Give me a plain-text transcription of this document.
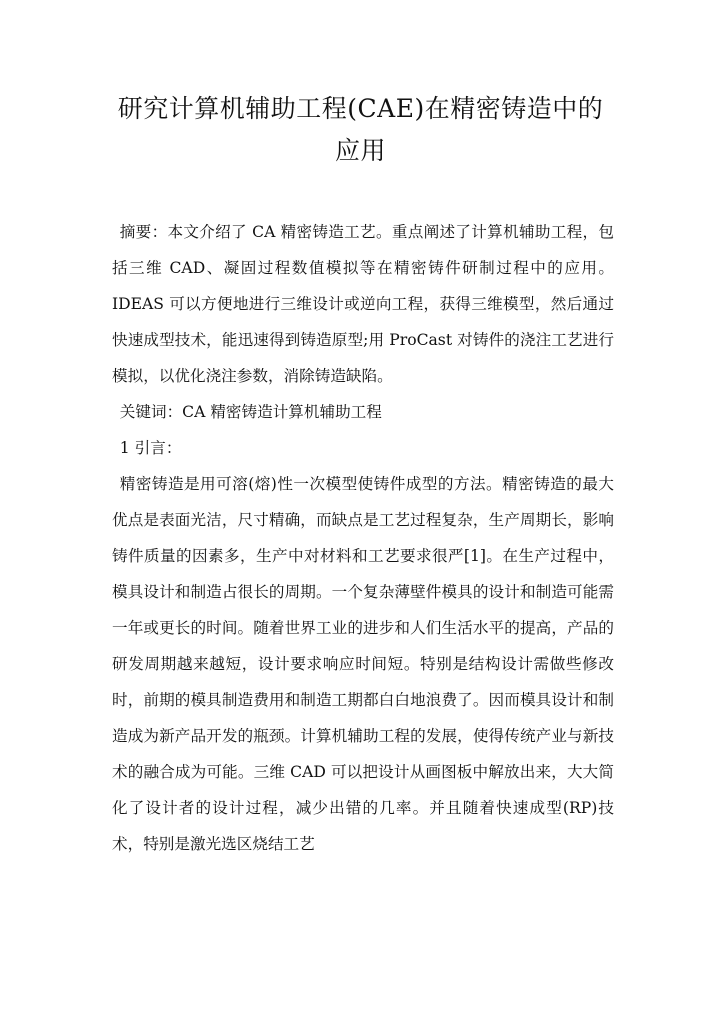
研究计算机辅助工程(CAE)在精密铸造中的应用

摘要：本文介绍了 CA 精密铸造工艺。重点阐述了计算机辅助工程，包括三维 CAD、凝固过程数值模拟等在精密铸件研制过程中的应用。IDEAS 可以方便地进行三维设计或逆向工程，获得三维模型，然后通过快速成型技术，能迅速得到铸造原型;用 ProCast 对铸件的浇注工艺进行模拟，以优化浇注参数，消除铸造缺陷。

关键词：CA 精密铸造计算机辅助工程

1 引言：

精密铸造是用可溶(熔)性一次模型使铸件成型的方法。精密铸造的最大优点是表面光洁，尺寸精确，而缺点是工艺过程复杂，生产周期长，影响铸件质量的因素多，生产中对材料和工艺要求很严[1]。在生产过程中，模具设计和制造占很长的周期。一个复杂薄壁件模具的设计和制造可能需一年或更长的时间。随着世界工业的进步和人们生活水平的提高，产品的研发周期越来越短，设计要求响应时间短。特别是结构设计需做些修改时，前期的模具制造费用和制造工期都白白地浪费了。因而模具设计和制造成为新产品开发的瓶颈。计算机辅助工程的发展，使得传统产业与新技术的融合成为可能。三维 CAD 可以把设计从画图板中解放出来，大大简化了设计者的设计过程，减少出错的几率。并且随着快速成型(RP)技术，特别是激光选区烧结工艺
